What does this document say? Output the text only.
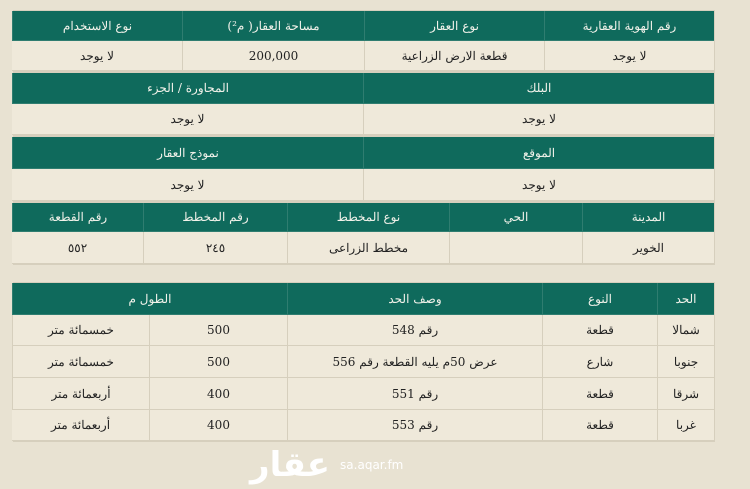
رقم الهوية العقارية
نوع العقار
مساحة العقار( م²)
نوع الاستخدام
لا يوجد
قطعة الارض الزراعية
200,000
لا يوجد
البلك
المجاورة / الجزء
لا يوجد
لا يوجد
الموقع
نموذج العقار
لا يوجد
لا يوجد
المدينة
الحي
نوع المخطط
رقم المخطط
رقم القطعة
الخوير
مخطط الزراعى
٢٤٥
٥٥٢
الحد
النوع
وصف الحد
الطول م
شمالا
قطعة
رقم 548
500
خمسمائة متر
جنوبا
شارع
عرض 50م يليه القطعة رقم 556
500
خمسمائة متر
شرقا
قطعة
رقم 551
400
أربعمائة متر
غربا
قطعة
رقم 553
400
أربعمائة متر
عقار sa.aqar.fm
